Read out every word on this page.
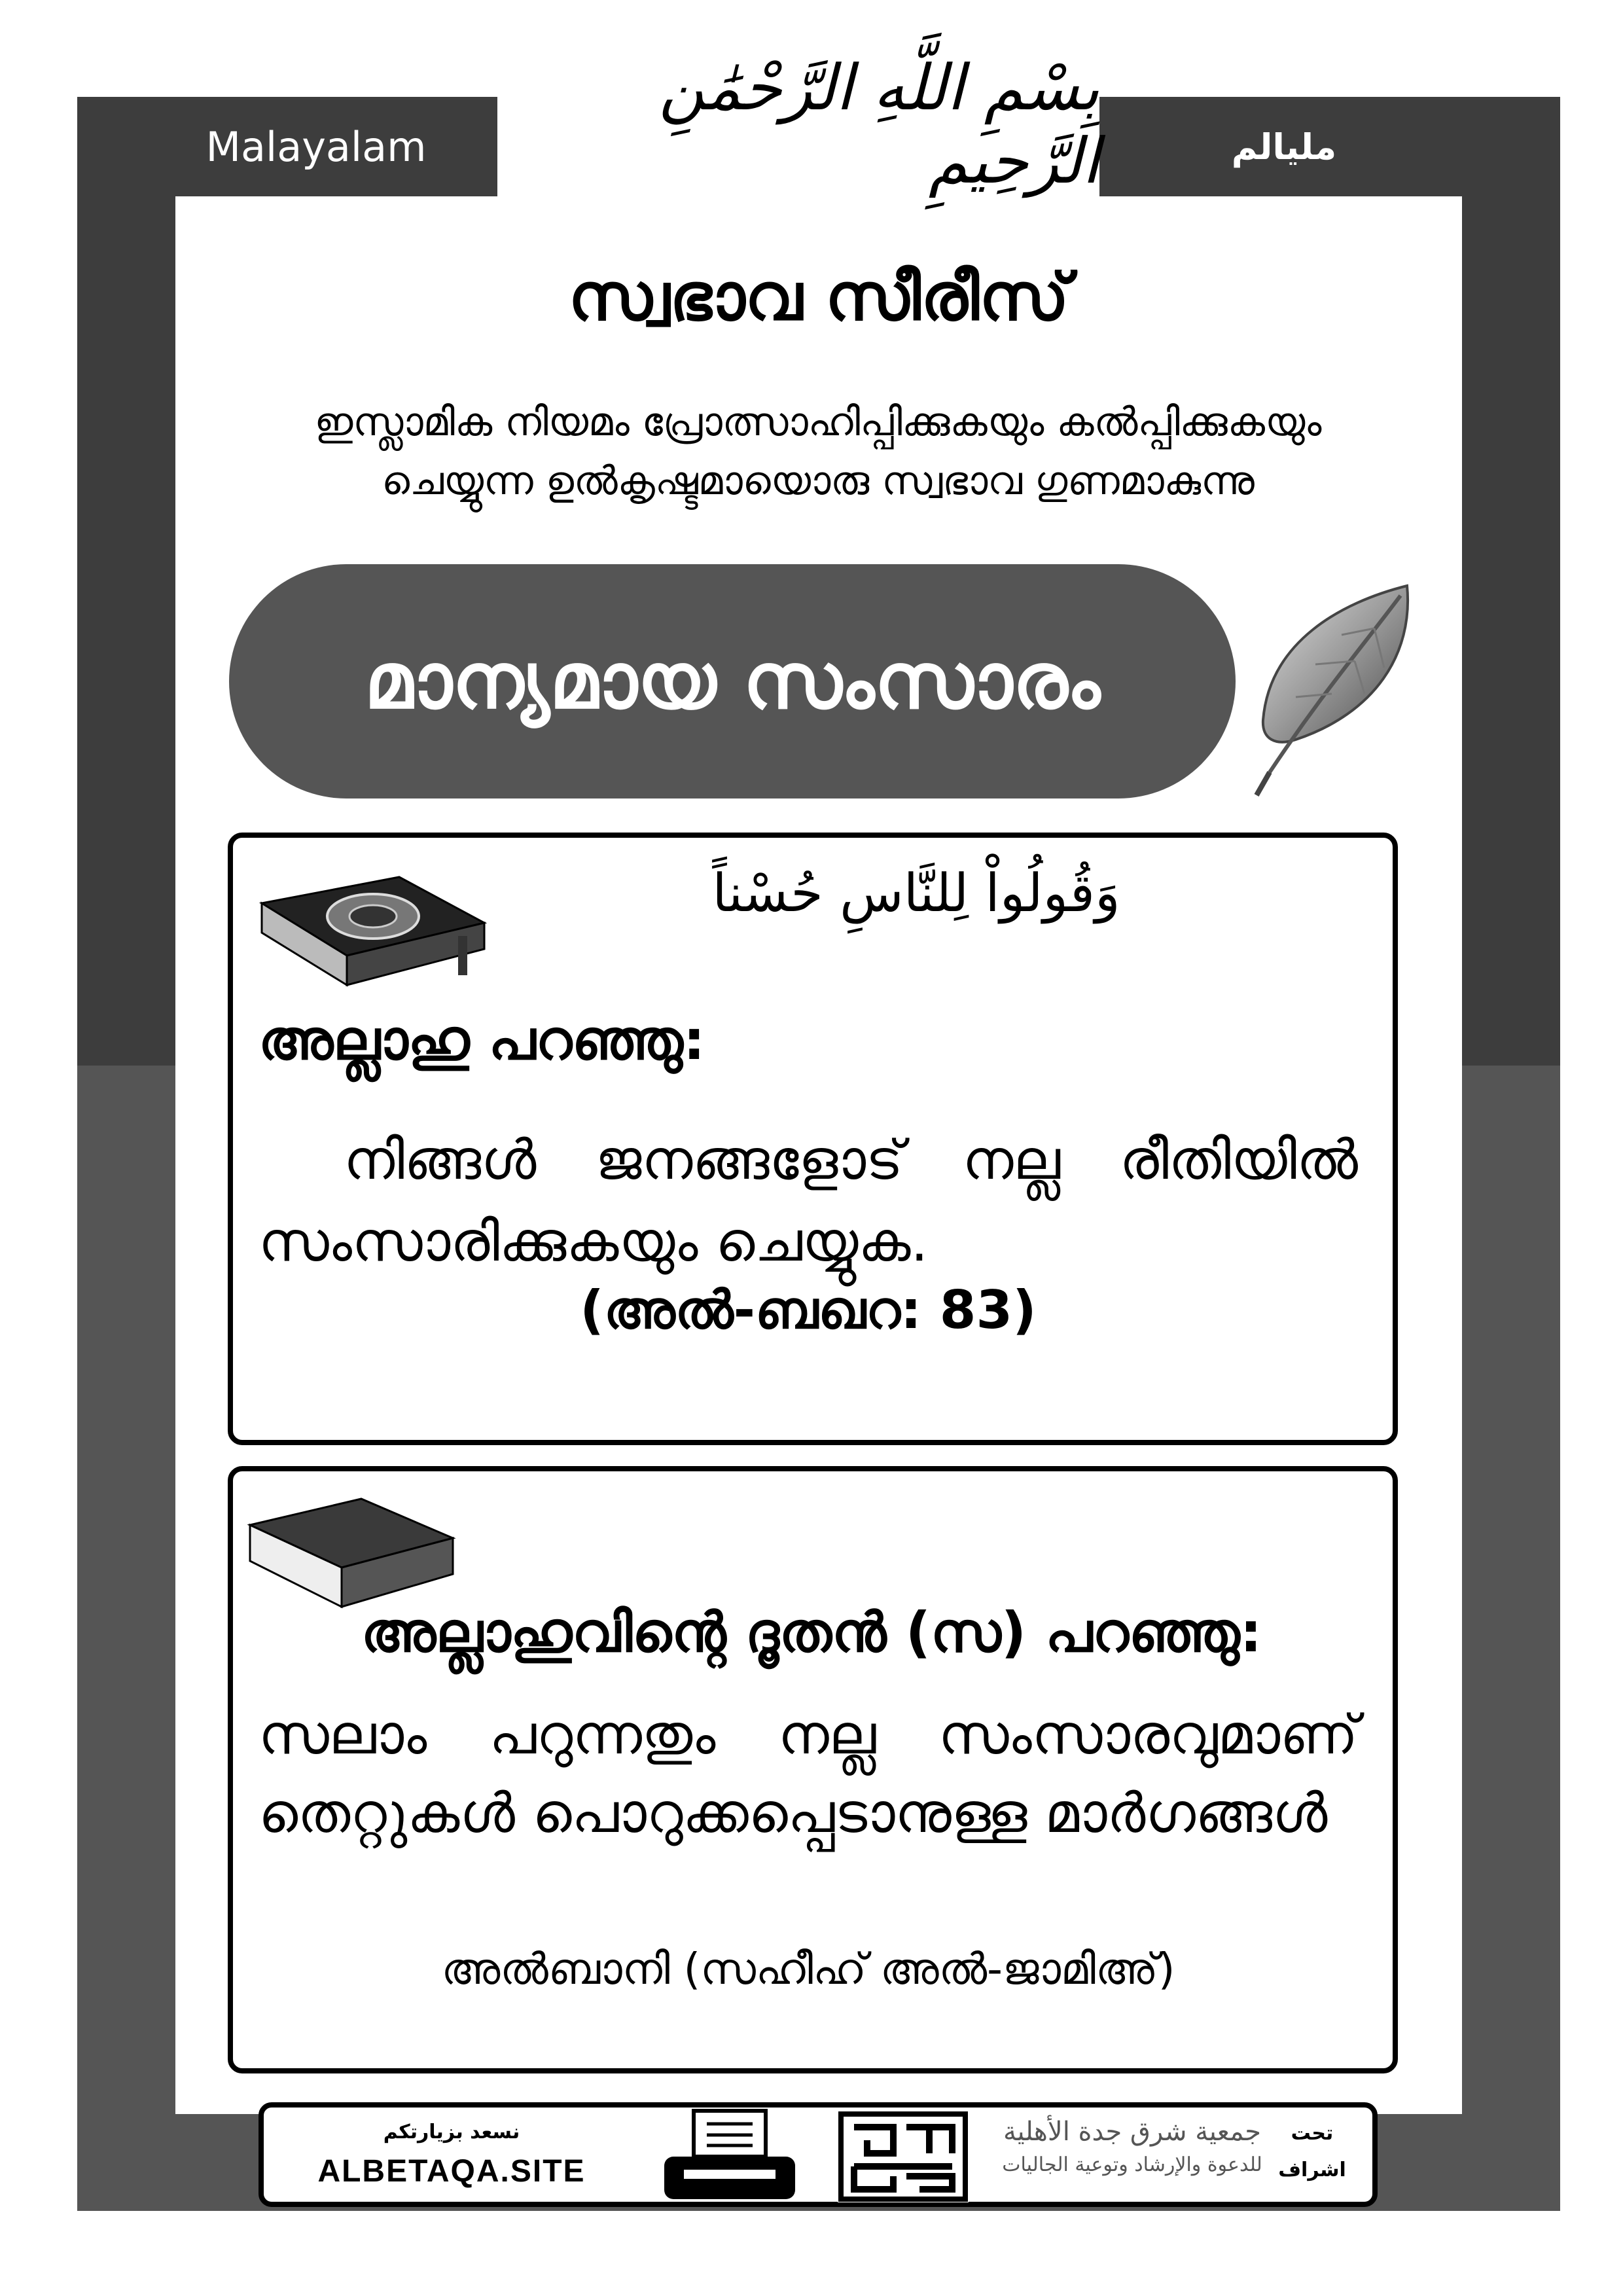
Malayalam	مليالم
بِسْمِ اللَّهِ الرَّحْمَٰنِ الرَّحِيمِ
സ്വഭാവ സീരീസ്
ഇസ്ലാമിക നിയമം പ്രോത്സാഹിപ്പിക്കുകയും കൽപ്പിക്കുകയും
ചെയ്യുന്ന ഉൽകൃഷ്ടമായൊരു സ്വഭാവ ഗുണമാകുന്നു
മാന്യമായ സംസാരം
وَقُولُواْ لِلنَّاسِ حُسْناً
അല്ലാഹു പറഞ്ഞു:
നിങ്ങൾ ജനങ്ങളോട് നല്ല രീതിയിൽ സംസാരിക്കുകയും ചെയ്യുക.
(അൽ-ബഖറ: 83)
അല്ലാഹുവിന്റെ ദൂതൻ (സ) പറഞ്ഞു:
സലാം പറുന്നതും നല്ല സംസാരവുമാണ് തെറ്റുകൾ പൊറുക്കപ്പെടാനുള്ള മാർഗങ്ങൾ
അൽബാനി (സഹീഹ് അൽ-ജാമിഅ്)
نسعد بزيارتكم
ALBETAQA.SITE
جمعية شرق جدة الأهلية
للدعوة والإرشاد وتوعية الجاليات
تحت
اشراف
